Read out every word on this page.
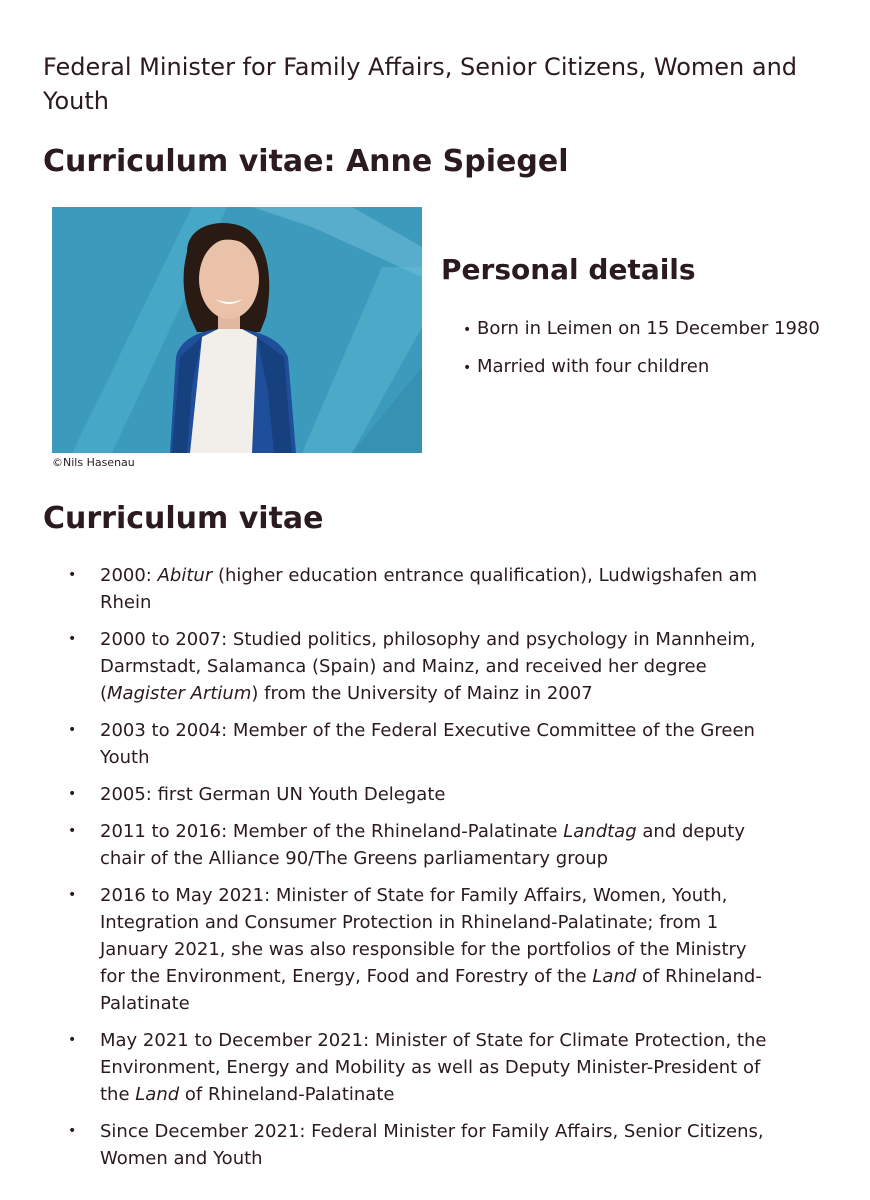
Federal Minister for Family Affairs, Senior Citizens, Women and Youth
Curriculum vitae: Anne Spiegel
©Nils Hasenau
Personal details
• Born in Leimen on 15 December 1980
• Married with four children
Curriculum vitae
•	2000: Abitur (higher education entrance qualification), Ludwigshafen am Rhein
•	2000 to 2007: Studied politics, philosophy and psychology in Mannheim, Darmstadt, Salamanca (Spain) and Mainz, and received her degree (Magister Artium) from the University of Mainz in 2007
•	2003 to 2004: Member of the Federal Executive Committee of the Green Youth
•	2005: first German UN Youth Delegate
•	2011 to 2016: Member of the Rhineland-Palatinate Landtag and deputy chair of the Alliance 90/The Greens parliamentary group
•	2016 to May 2021: Minister of State for Family Affairs, Women, Youth, Integration and Consumer Protection in Rhineland-Palatinate; from 1 January 2021, she was also responsible for the portfolios of the Ministry for the Environment, Energy, Food and Forestry of the Land of Rhineland-Palatinate
•	May 2021 to December 2021: Minister of State for Climate Protection, the Environment, Energy and Mobility as well as Deputy Minister-President of the Land of Rhineland-Palatinate
•	Since December 2021: Federal Minister for Family Affairs, Senior Citizens, Women and Youth
